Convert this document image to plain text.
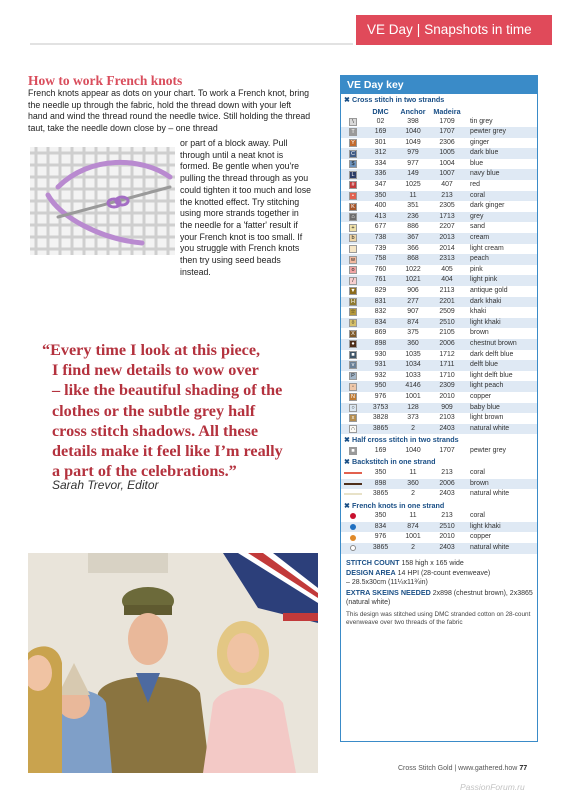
VE Day | Snapshots in time
How to work French knots
French knots appear as dots on your chart. To work a French knot, bring the needle up through the fabric, hold the thread down with your left hand and wind the thread round the needle twice. Still holding the thread taut, take the needle down close by – one thread
or part of a block away. Pull through until a neat knot is formed. Be gentle when you're pulling the thread through as you could tighten it too much and lose the knotted effect. Try stitching using more strands together in the needle for a 'fatter' result if your French knot is too small. If you struggle with French knots then try using seed beads instead.
“Every time I look at this piece,
I find new details to wow over
– like the beautiful shading of the
clothes or the subtle grey half
cross stitch shadows. All these
details make it feel like I’m really
a part of the celebrations.”
Sarah Trevor, Editor
VE Day key
✖ Cross stitch in two strands
DMC	Anchor	Madeira
\	02	398	1709	tin grey
T	169	1040	1707	pewter grey
Y	301	1049	2306	ginger
C	312	979	1005	dark blue
$	334	977	1004	blue
L	336	149	1007	navy blue
#	347	1025	407	red
•	350	11	213	coral
K	400	351	2305	dark ginger
⌂	413	236	1713	grey
+	677	886	2207	sand
b	738	367	2013	cream
⌒	739	366	2014	light cream
w	758	868	2313	peach
o	760	1022	405	pink
/	761	1021	404	light pink
▼	829	906	2113	antique gold
H	831	277	2201	dark khaki
☆	832	907	2509	khaki
◊	834	874	2510	light khaki
X	869	375	2105	brown
●	898	360	2006	chestnut brown
■	930	1035	1712	dark delft blue
v	931	1034	1711	delft blue
P	932	1033	1710	light delft blue
◦	950	4146	2309	light peach
N	976	1001	2010	copper
○	3753	128	909	baby blue
x	3828	373	2103	light brown
∩	3865	2	2403	natural white
✖ Half cross stitch in two strands
■	169	1040	1707	pewter grey
✖ Backstitch in one strand
350	11	213	coral
898	360	2006	brown
3865	2	2403	natural white
✖ French knots in one strand
350	11	213	coral
834	874	2510	light khaki
976	1001	2010	copper
3865	2	2403	natural white
STITCH COUNT 158 high x 165 wide
DESIGN AREA 14 HPI (28-count evenweave)
– 28.5x30cm (11¼x11¾in)
EXTRA SKEINS NEEDED 2x898 (chestnut brown), 2x3865 (natural white)
This design was stitched using DMC stranded cotton on 28-count evenweave over two threads of the fabric
Cross Stitch Gold | www.gathered.how 77
PassionForum.ru
